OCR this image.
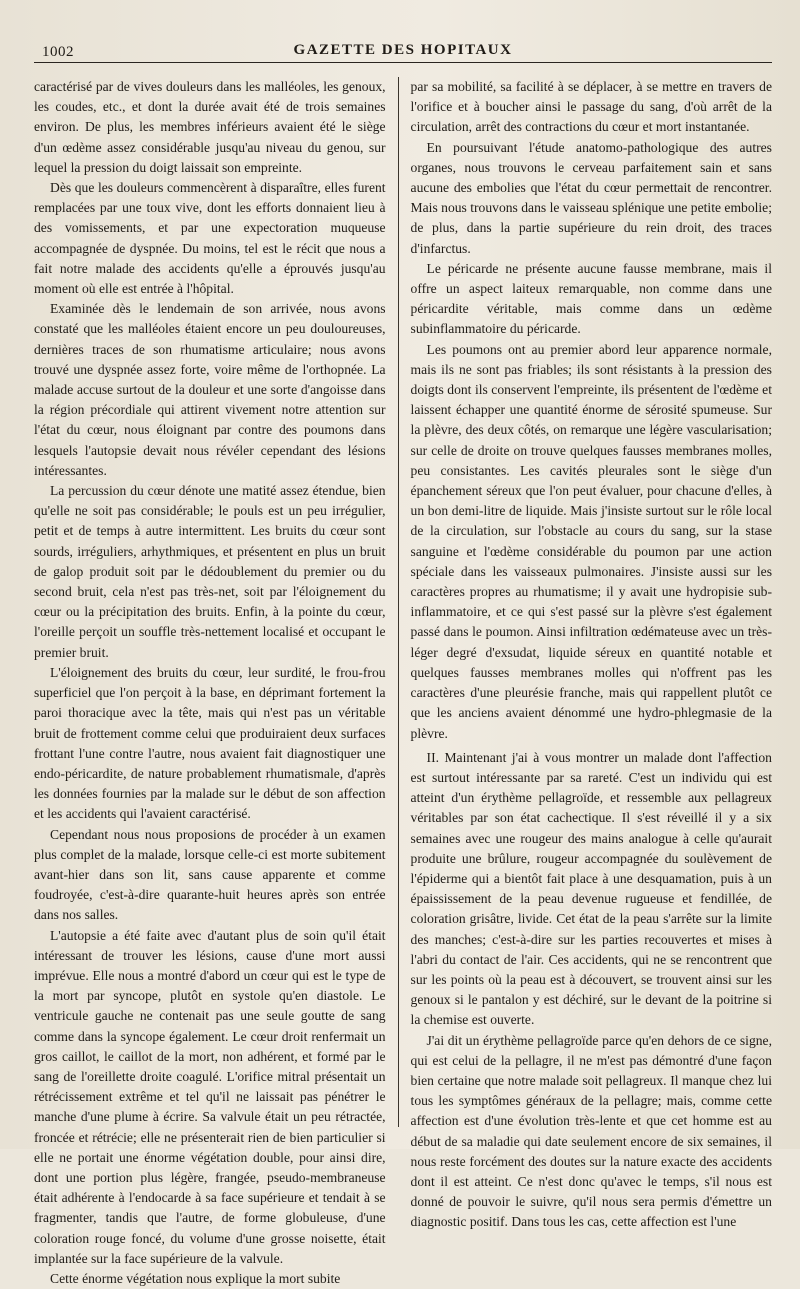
1002	GAZETTE DES HOPITAUX

caractérisé par de vives douleurs dans les malléoles, les genoux, les coudes, etc., et dont la durée avait été de trois semaines environ. De plus, les membres inférieurs avaient été le siège d'un œdème assez considérable jusqu'au niveau du genou, sur lequel la pression du doigt laissait son empreinte.

Dès que les douleurs commencèrent à disparaître, elles furent remplacées par une toux vive, dont les efforts donnaient lieu à des vomissements, et par une expectoration muqueuse accompagnée de dyspnée. Du moins, tel est le récit que nous a fait notre malade des accidents qu'elle a éprouvés jusqu'au moment où elle est entrée à l'hôpital.

Examinée dès le lendemain de son arrivée, nous avons constaté que les malléoles étaient encore un peu douloureuses, dernières traces de son rhumatisme articulaire; nous avons trouvé une dyspnée assez forte, voire même de l'orthopnée. La malade accuse surtout de la douleur et une sorte d'angoisse dans la région précordiale qui attirent vivement notre attention sur l'état du cœur, nous éloignant par contre des poumons dans lesquels l'autopsie devait nous révéler cependant des lésions intéressantes.

La percussion du cœur dénote une matité assez étendue, bien qu'elle ne soit pas considérable; le pouls est un peu irrégulier, petit et de temps à autre intermittent. Les bruits du cœur sont sourds, irréguliers, arhythmiques, et présentent en plus un bruit de galop produit soit par le dédoublement du premier ou du second bruit, cela n'est pas très-net, soit par l'éloignement du cœur ou la précipitation des bruits. Enfin, à la pointe du cœur, l'oreille perçoit un souffle très-nettement localisé et occupant le premier bruit.

L'éloignement des bruits du cœur, leur surdité, le frou-frou superficiel que l'on perçoit à la base, en déprimant fortement la paroi thoracique avec la tête, mais qui n'est pas un véritable bruit de frottement comme celui que produiraient deux surfaces frottant l'une contre l'autre, nous avaient fait diagnostiquer une endo-péricardite, de nature probablement rhumatismale, d'après les données fournies par la malade sur le début de son affection et les accidents qui l'avaient caractérisé.

Cependant nous nous proposions de procéder à un examen plus complet de la malade, lorsque celle-ci est morte subitement avant-hier dans son lit, sans cause apparente et comme foudroyée, c'est-à-dire quarante-huit heures après son entrée dans nos salles.

L'autopsie a été faite avec d'autant plus de soin qu'il était intéressant de trouver les lésions, cause d'une mort aussi imprévue. Elle nous a montré d'abord un cœur qui est le type de la mort par syncope, plutôt en systole qu'en diastole. Le ventricule gauche ne contenait pas une seule goutte de sang comme dans la syncope également. Le cœur droit renfermait un gros caillot, le caillot de la mort, non adhérent, et formé par le sang de l'oreillette droite coagulé. L'orifice mitral présentait un rétrécissement extrême et tel qu'il ne laissait pas pénétrer le manche d'une plume à écrire. Sa valvule était un peu rétractée, froncée et rétrécie; elle ne présenterait rien de bien particulier si elle ne portait une énorme végétation double, pour ainsi dire, dont une portion plus légère, frangée, pseudo-membraneuse était adhérente à l'endocarde à sa face supérieure et tendait à se fragmenter, tandis que l'autre, de forme globuleuse, d'une coloration rouge foncé, du volume d'une grosse noisette, était implantée sur la face supérieure de la valvule.

Cette énorme végétation nous explique la mort subite

par sa mobilité, sa facilité à se déplacer, à se mettre en travers de l'orifice et à boucher ainsi le passage du sang, d'où arrêt de la circulation, arrêt des contractions du cœur et mort instantanée.

En poursuivant l'étude anatomo-pathologique des autres organes, nous trouvons le cerveau parfaitement sain et sans aucune des embolies que l'état du cœur permettait de rencontrer. Mais nous trouvons dans le vaisseau splénique une petite embolie; de plus, dans la partie supérieure du rein droit, des traces d'infarctus.

Le péricarde ne présente aucune fausse membrane, mais il offre un aspect laiteux remarquable, non comme dans une péricardite véritable, mais comme dans un œdème subinflammatoire du péricarde.

Les poumons ont au premier abord leur apparence normale, mais ils ne sont pas friables; ils sont résistants à la pression des doigts dont ils conservent l'empreinte, ils présentent de l'œdème et laissent échapper une quantité énorme de sérosité spumeuse. Sur la plèvre, des deux côtés, on remarque une légère vascularisation; sur celle de droite on trouve quelques fausses membranes molles, peu consistantes. Les cavités pleurales sont le siège d'un épanchement séreux que l'on peut évaluer, pour chacune d'elles, à un bon demi-litre de liquide. Mais j'insiste surtout sur le rôle local de la circulation, sur l'obstacle au cours du sang, sur la stase sanguine et l'œdème considérable du poumon par une action spéciale dans les vaisseaux pulmonaires. J'insiste aussi sur les caractères propres au rhumatisme; il y avait une hydropisie sub-inflammatoire, et ce qui s'est passé sur la plèvre s'est également passé dans le poumon. Ainsi infiltration œdémateuse avec un très-léger degré d'exsudat, liquide séreux en quantité notable et quelques fausses membranes molles qui n'offrent pas les caractères d'une pleurésie franche, mais qui rappellent plutôt ce que les anciens avaient dénommé une hydro-phlegmasie de la plèvre.

II. Maintenant j'ai à vous montrer un malade dont l'affection est surtout intéressante par sa rareté. C'est un individu qui est atteint d'un érythème pellagroïde, et ressemble aux pellagreux véritables par son état cachectique. Il s'est réveillé il y a six semaines avec une rougeur des mains analogue à celle qu'aurait produite une brûlure, rougeur accompagnée du soulèvement de l'épiderme qui a bientôt fait place à une desquamation, puis à un épaississement de la peau devenue rugueuse et fendillée, de coloration grisâtre, livide. Cet état de la peau s'arrête sur la limite des manches; c'est-à-dire sur les parties recouvertes et mises à l'abri du contact de l'air. Ces accidents, qui ne se rencontrent que sur les points où la peau est à découvert, se trouvent ainsi sur les genoux si le pantalon y est déchiré, sur le devant de la poitrine si la chemise est ouverte.

J'ai dit un érythème pellagroïde parce qu'en dehors de ce signe, qui est celui de la pellagre, il ne m'est pas démontré d'une façon bien certaine que notre malade soit pellagreux. Il manque chez lui tous les symptômes généraux de la pellagre; mais, comme cette affection est d'une évolution très-lente et que cet homme est au début de sa maladie qui date seulement encore de six semaines, il nous reste forcément des doutes sur la nature exacte des accidents dont il est atteint. Ce n'est donc qu'avec le temps, s'il nous est donné de pouvoir le suivre, qu'il nous sera permis d'émettre un diagnostic positif. Dans tous les cas, cette affection est l'une
